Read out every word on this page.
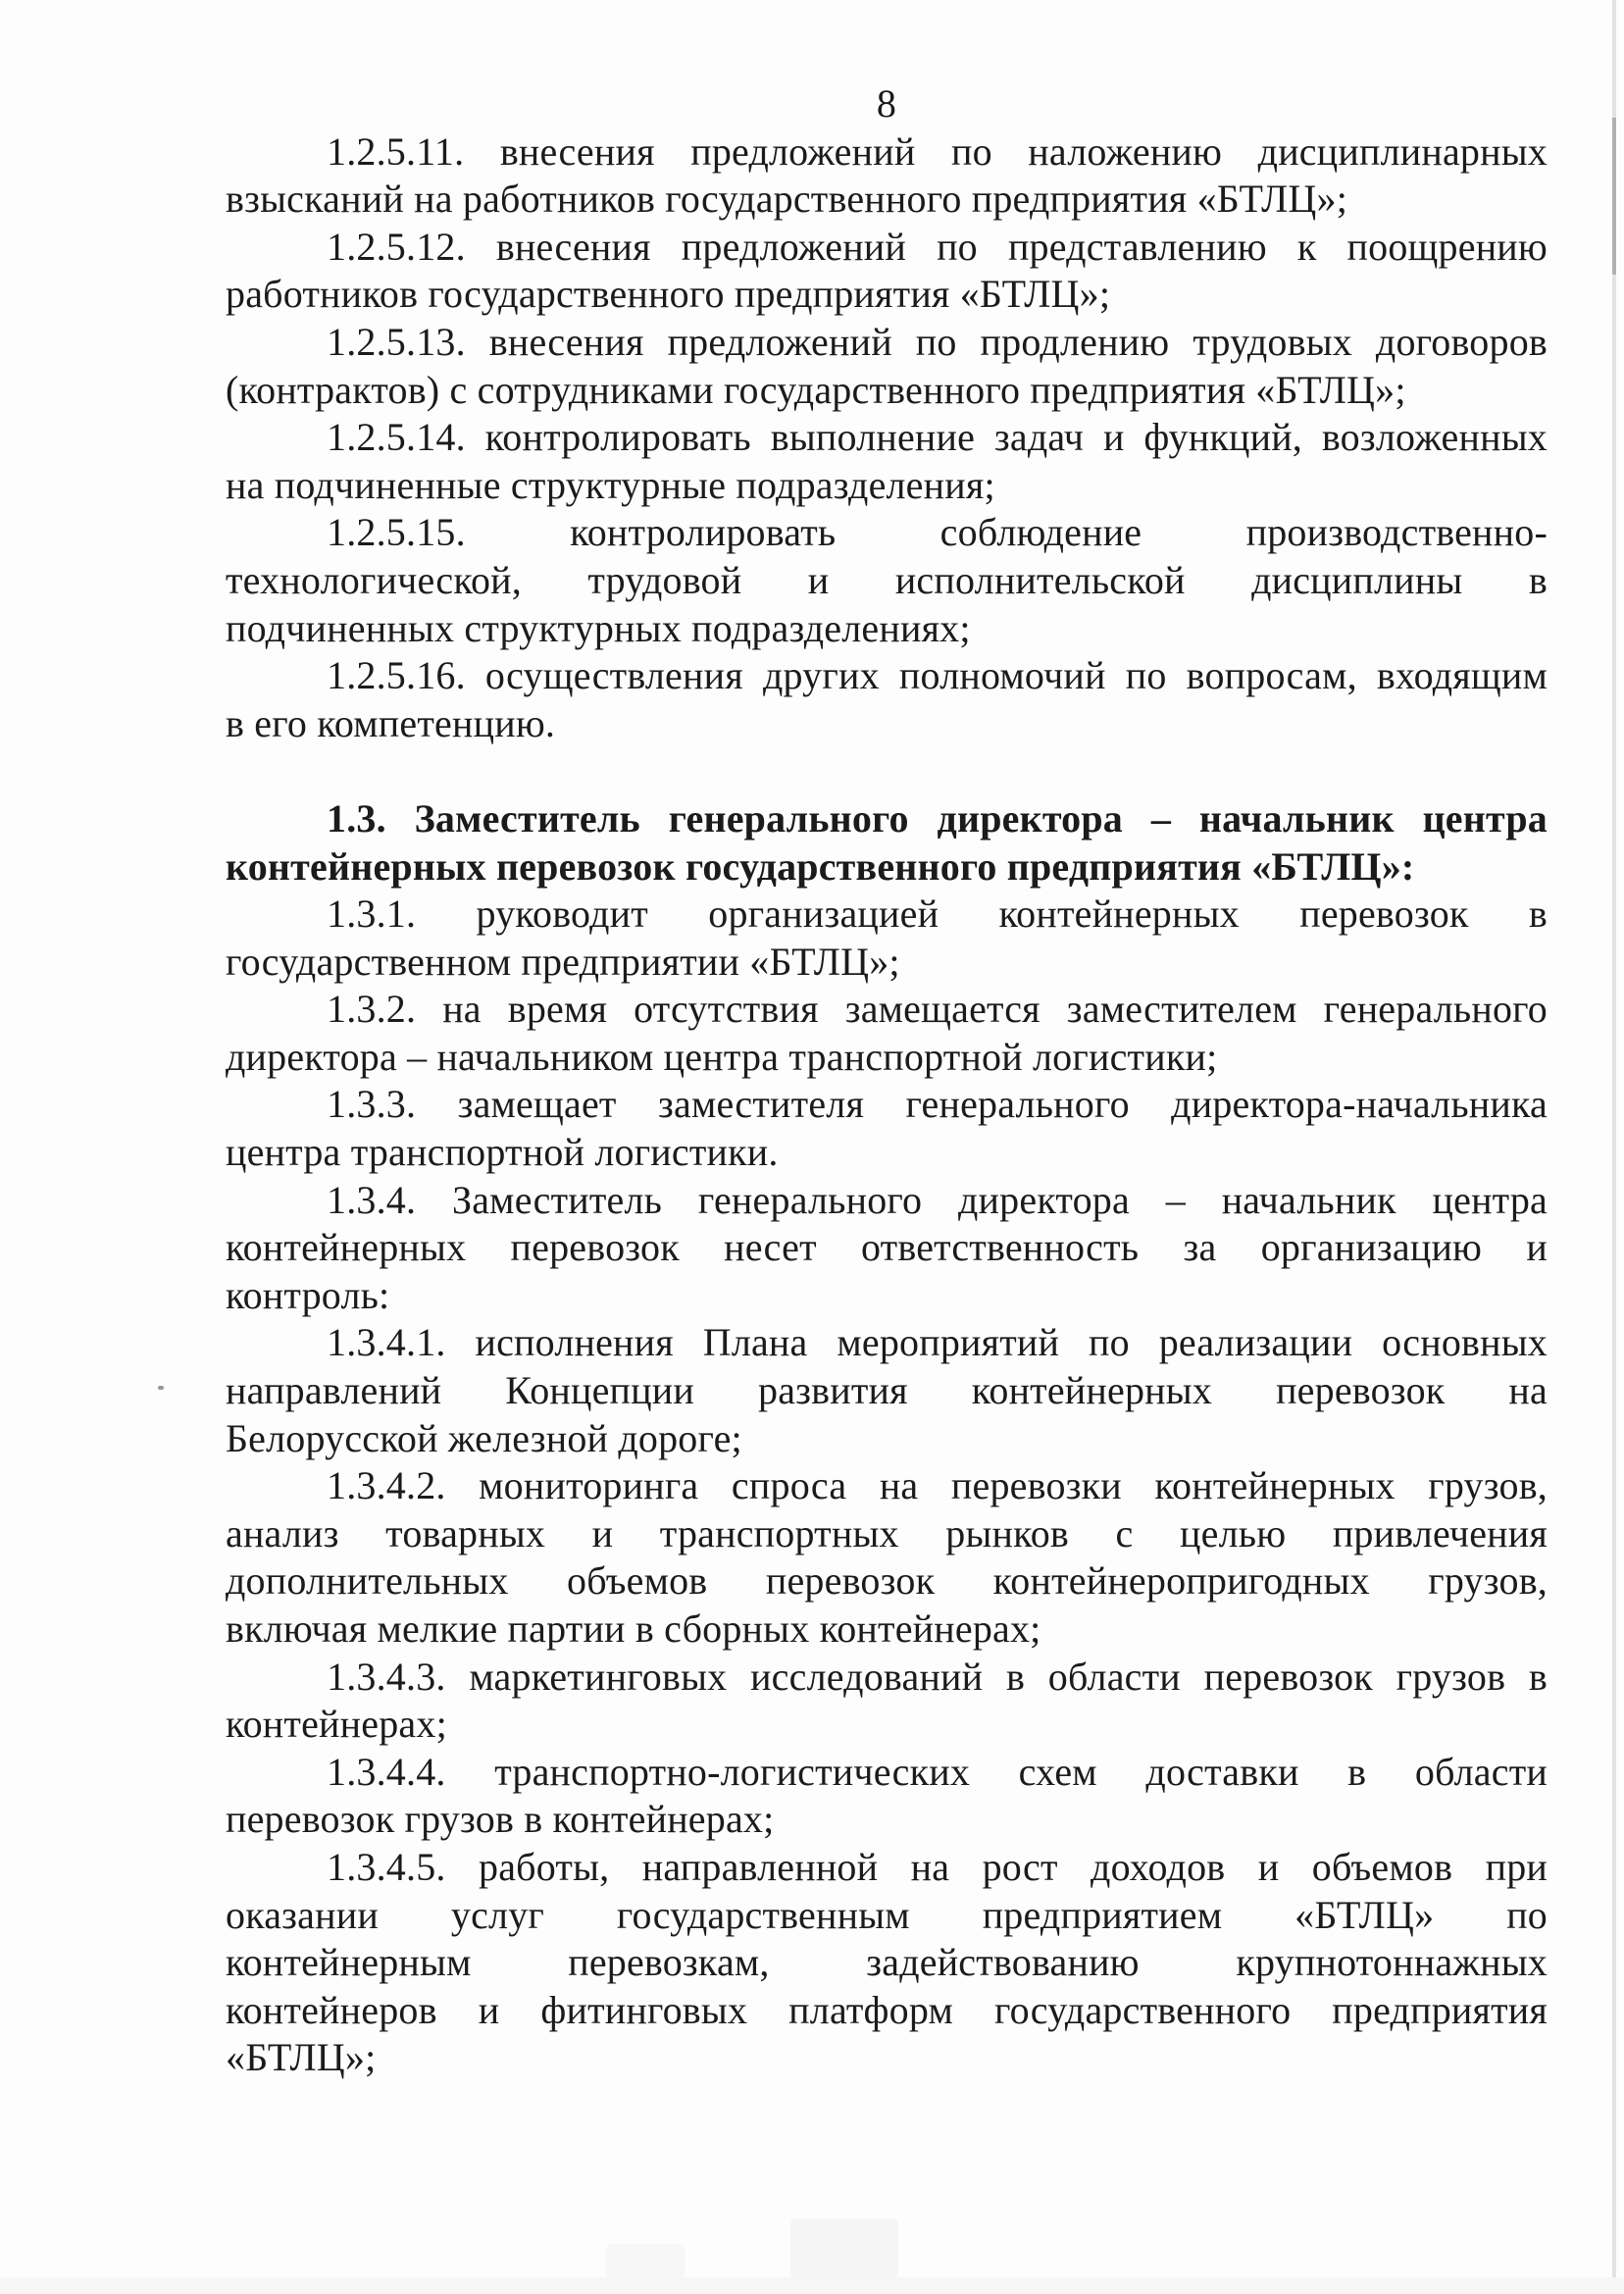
8
1.2.5.11. внесения предложений по наложению дисциплинарных
взысканий на работников государственного предприятия «БТЛЦ»;
1.2.5.12. внесения предложений по представлению к поощрению
работников государственного предприятия «БТЛЦ»;
1.2.5.13. внесения предложений по продлению трудовых договоров
(контрактов) с сотрудниками государственного предприятия «БТЛЦ»;
1.2.5.14. контролировать выполнение задач и функций, возложенных
на подчиненные структурные подразделения;
1.2.5.15. контролировать соблюдение производственно-
технологической, трудовой и исполнительской дисциплины в
подчиненных структурных подразделениях;
1.2.5.16. осуществления других полномочий по вопросам, входящим
в его компетенцию.
1.3. Заместитель генерального директора – начальник центра
контейнерных перевозок государственного предприятия «БТЛЦ»:
1.3.1. руководит организацией контейнерных перевозок в
государственном предприятии «БТЛЦ»;
1.3.2. на время отсутствия замещается заместителем генерального
директора – начальником центра транспортной логистики;
1.3.3. замещает заместителя генерального директора-начальника
центра транспортной логистики.
1.3.4. Заместитель генерального директора – начальник центра
контейнерных перевозок несет ответственность за организацию и
контроль:
1.3.4.1. исполнения Плана мероприятий по реализации основных
направлений Концепции развития контейнерных перевозок на
Белорусской железной дороге;
1.3.4.2. мониторинга спроса на перевозки контейнерных грузов,
анализ товарных и транспортных рынков с целью привлечения
дополнительных объемов перевозок контейнеропригодных грузов,
включая мелкие партии в сборных контейнерах;
1.3.4.3. маркетинговых исследований в области перевозок грузов в
контейнерах;
1.3.4.4. транспортно-логистических схем доставки в области
перевозок грузов в контейнерах;
1.3.4.5. работы, направленной на рост доходов и объемов при
оказании услуг государственным предприятием «БТЛЦ» по
контейнерным перевозкам, задействованию крупнотоннажных
контейнеров и фитинговых платформ государственного предприятия
«БТЛЦ»;
